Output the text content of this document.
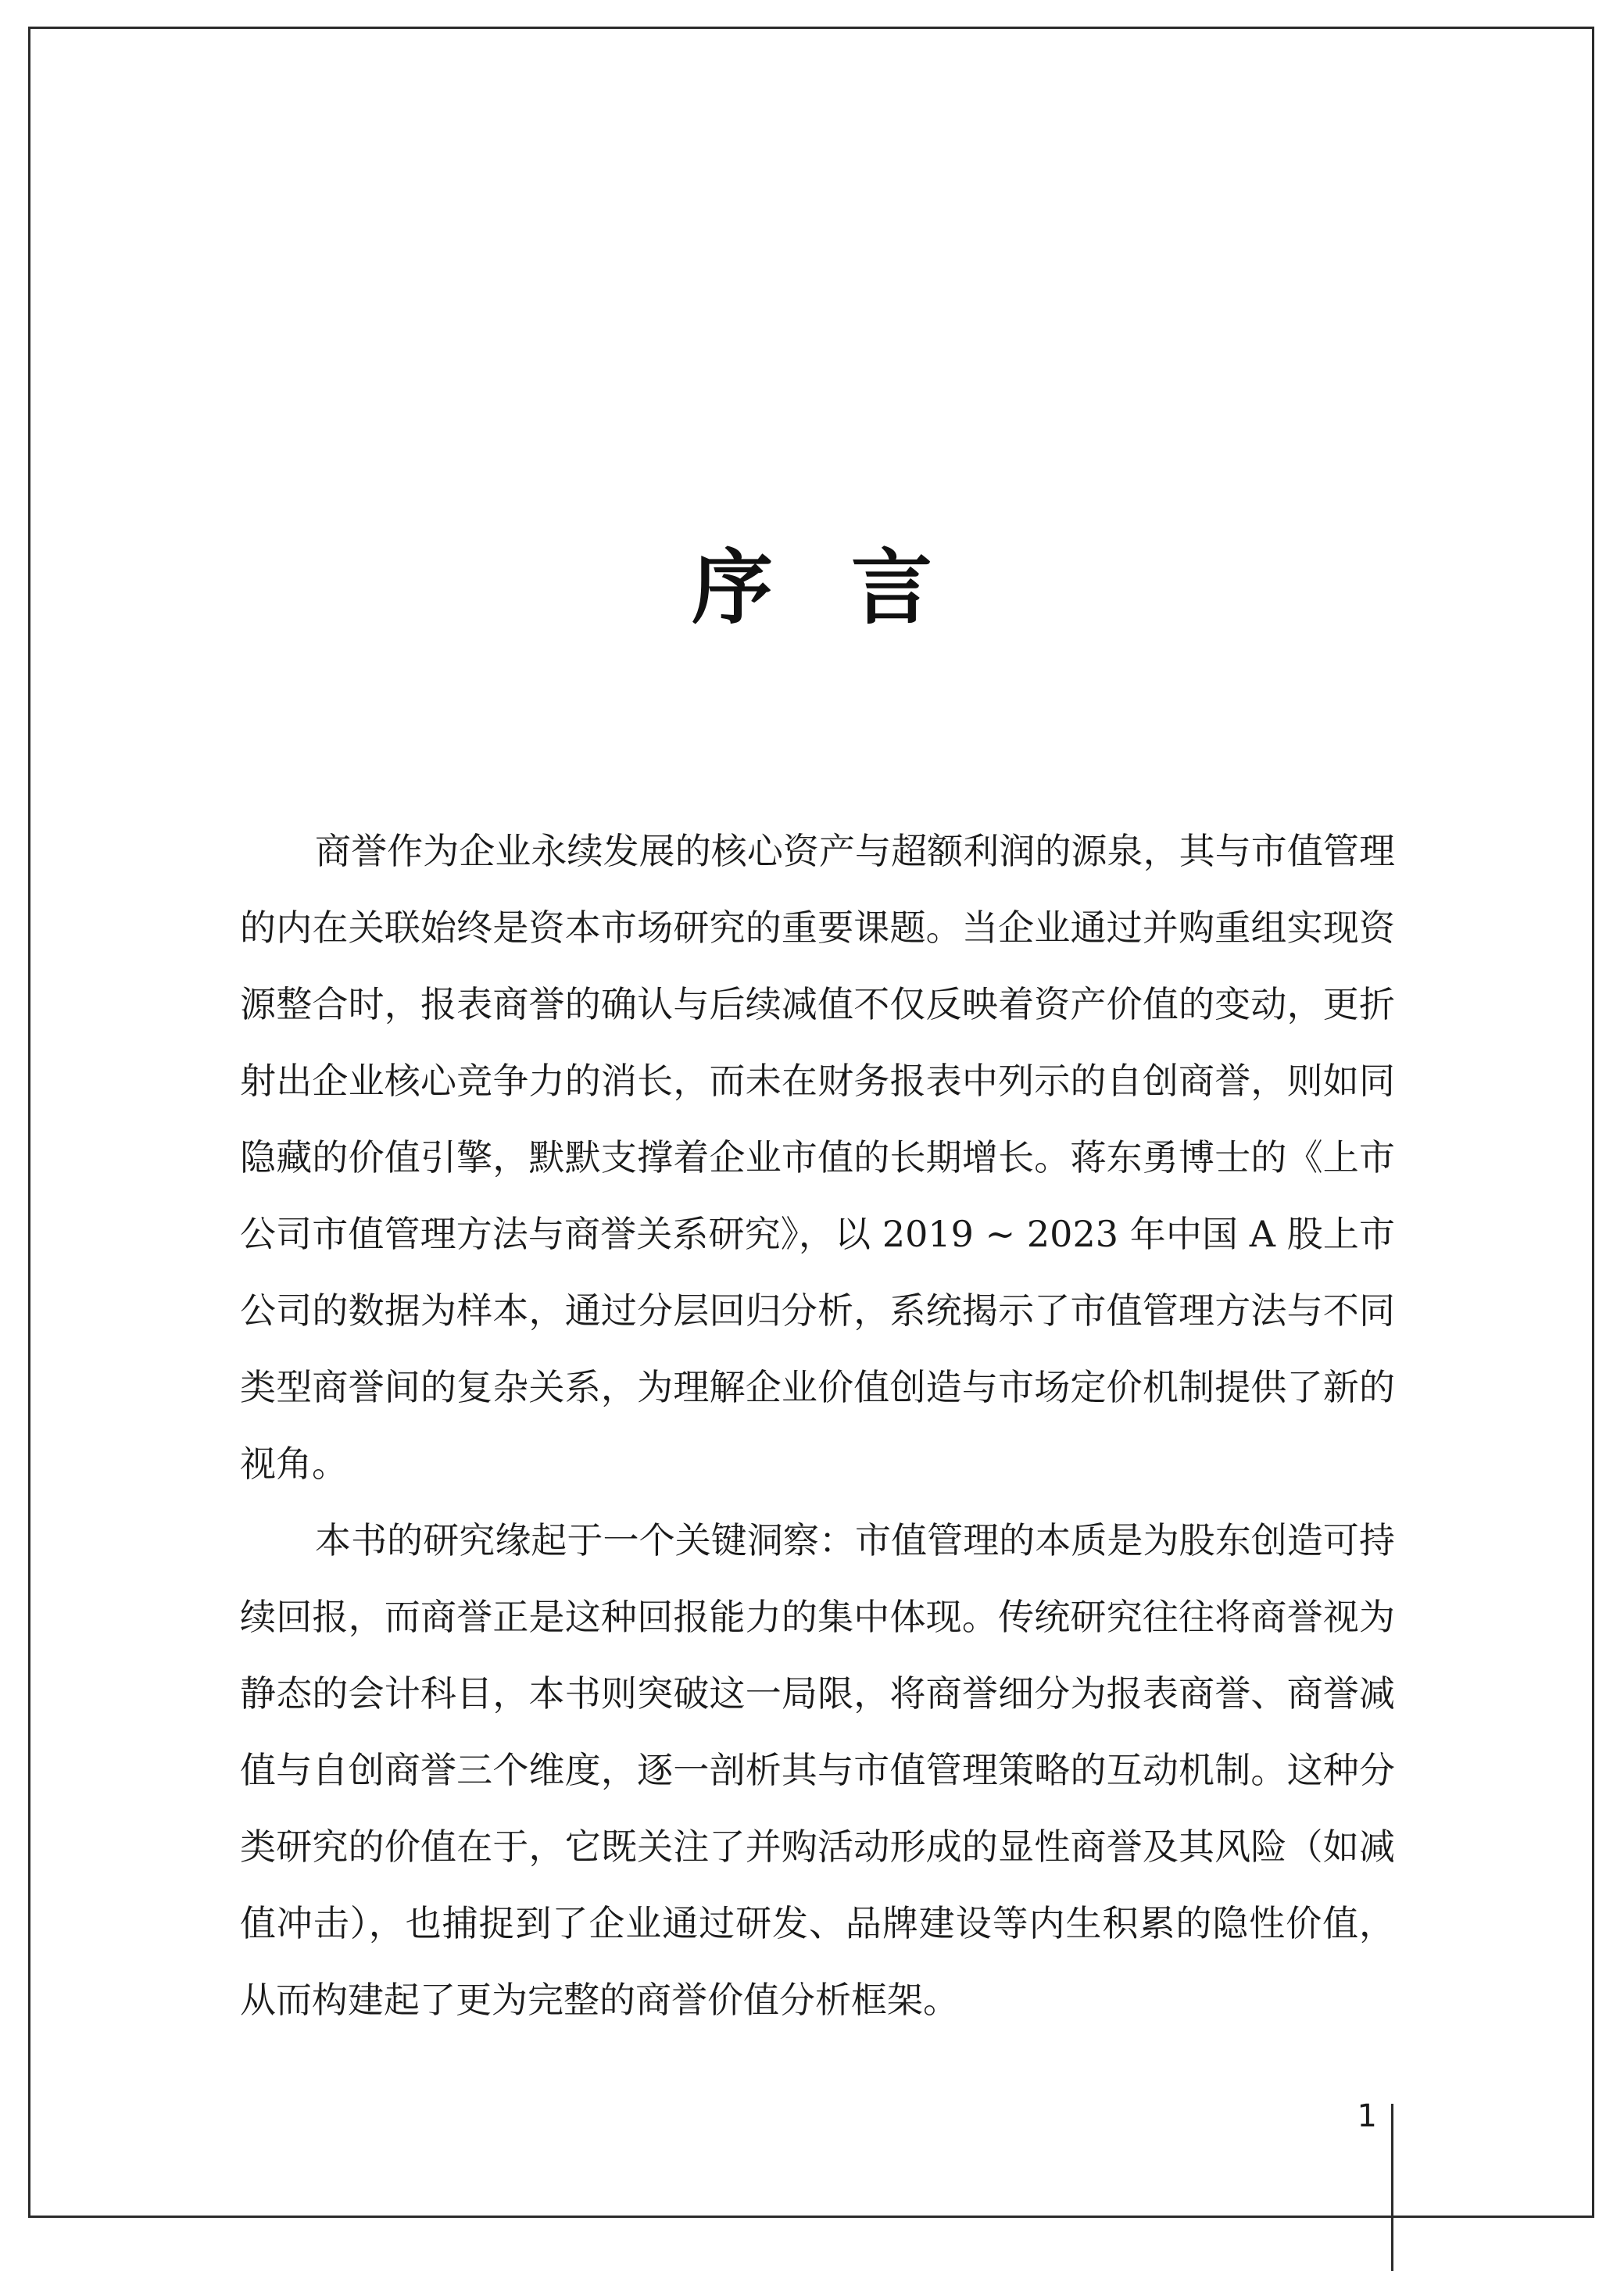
序言

商誉作为企业永续发展的核心资产与超额利润的源泉，其与市值管理的内在关联始终是资本市场研究的重要课题。当企业通过并购重组实现资源整合时，报表商誉的确认与后续减值不仅反映着资产价值的变动，更折射出企业核心竞争力的消长，而未在财务报表中列示的自创商誉，则如同隐藏的价值引擎，默默支撑着企业市值的长期增长。蒋东勇博士的《上市公司市值管理方法与商誉关系研究》，以 2019 ~ 2023 年中国 A 股上市公司的数据为样本，通过分层回归分析，系统揭示了市值管理方法与不同类型商誉间的复杂关系，为理解企业价值创造与市场定价机制提供了新的视角。

本书的研究缘起于一个关键洞察：市值管理的本质是为股东创造可持续回报，而商誉正是这种回报能力的集中体现。传统研究往往将商誉视为静态的会计科目，本书则突破这一局限，将商誉细分为报表商誉、商誉减值与自创商誉三个维度，逐一剖析其与市值管理策略的互动机制。这种分类研究的价值在于，它既关注了并购活动形成的显性商誉及其风险（如减值冲击），也捕捉到了企业通过研发、品牌建设等内生积累的隐性价值，从而构建起了更为完整的商誉价值分析框架。

1
